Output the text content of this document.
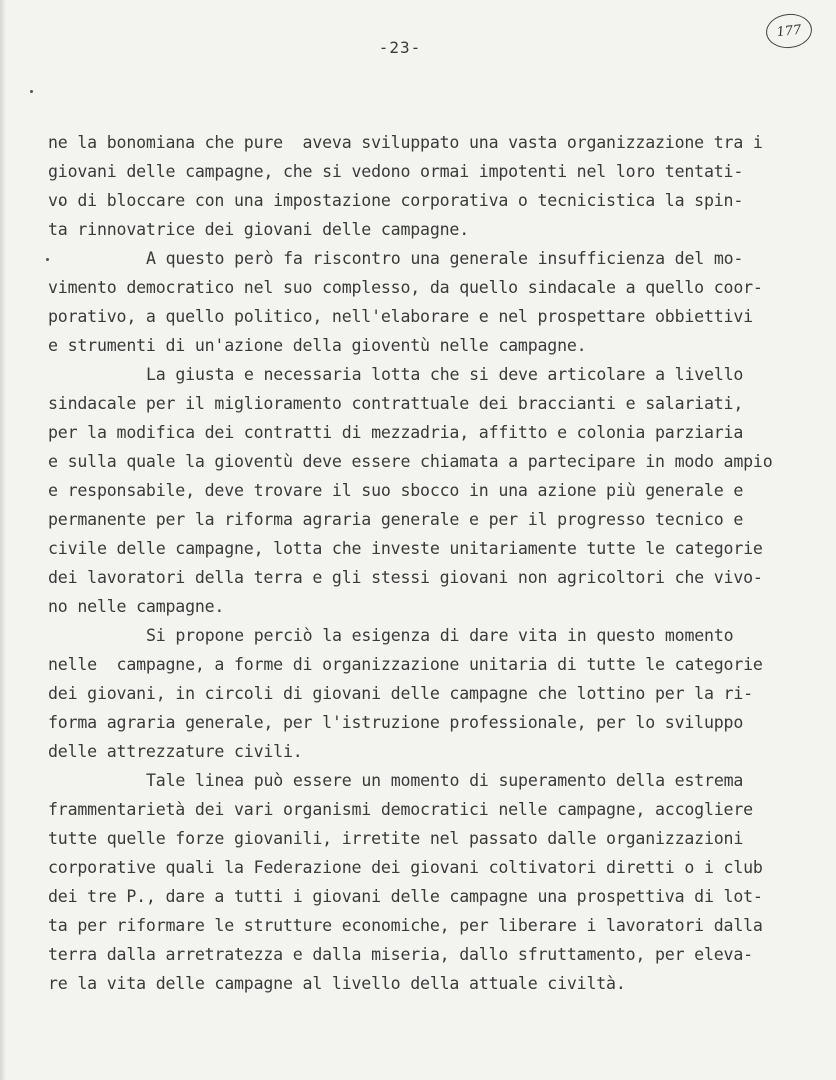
-23-
177
ne la bonomiana che pure  aveva sviluppato una vasta organizzazione tra i
giovani delle campagne, che si vedono ormai impotenti nel loro tentati-
vo di bloccare con una impostazione corporativa o tecnicistica la spin-
ta rinnovatrice dei giovani delle campagne.
A questo però fa riscontro una generale insufficienza del mo-
vimento democratico nel suo complesso, da quello sindacale a quello coor-
porativo, a quello politico, nell'elaborare e nel prospettare obbiettivi
e strumenti di un'azione della gioventù nelle campagne.
La giusta e necessaria lotta che si deve articolare a livello
sindacale per il miglioramento contrattuale dei braccianti e salariati,
per la modifica dei contratti di mezzadria, affitto e colonia parziaria
e sulla quale la gioventù deve essere chiamata a partecipare in modo ampio
e responsabile, deve trovare il suo sbocco in una azione più generale e
permanente per la riforma agraria generale e per il progresso tecnico e
civile delle campagne, lotta che investe unitariamente tutte le categorie
dei lavoratori della terra e gli stessi giovani non agricoltori che vivo-
no nelle campagne.
Si propone perciò la esigenza di dare vita in questo momento
nelle  campagne, a forme di organizzazione unitaria di tutte le categorie
dei giovani, in circoli di giovani delle campagne che lottino per la ri-
forma agraria generale, per l'istruzione professionale, per lo sviluppo
delle attrezzature civili.
Tale linea può essere un momento di superamento della estrema
frammentarietà dei vari organismi democratici nelle campagne, accogliere
tutte quelle forze giovanili, irretite nel passato dalle organizzazioni
corporative quali la Federazione dei giovani coltivatori diretti o i club
dei tre P., dare a tutti i giovani delle campagne una prospettiva di lot-
ta per riformare le strutture economiche, per liberare i lavoratori dalla
terra dalla arretratezza e dalla miseria, dallo sfruttamento, per eleva-
re la vita delle campagne al livello della attuale civiltà.
